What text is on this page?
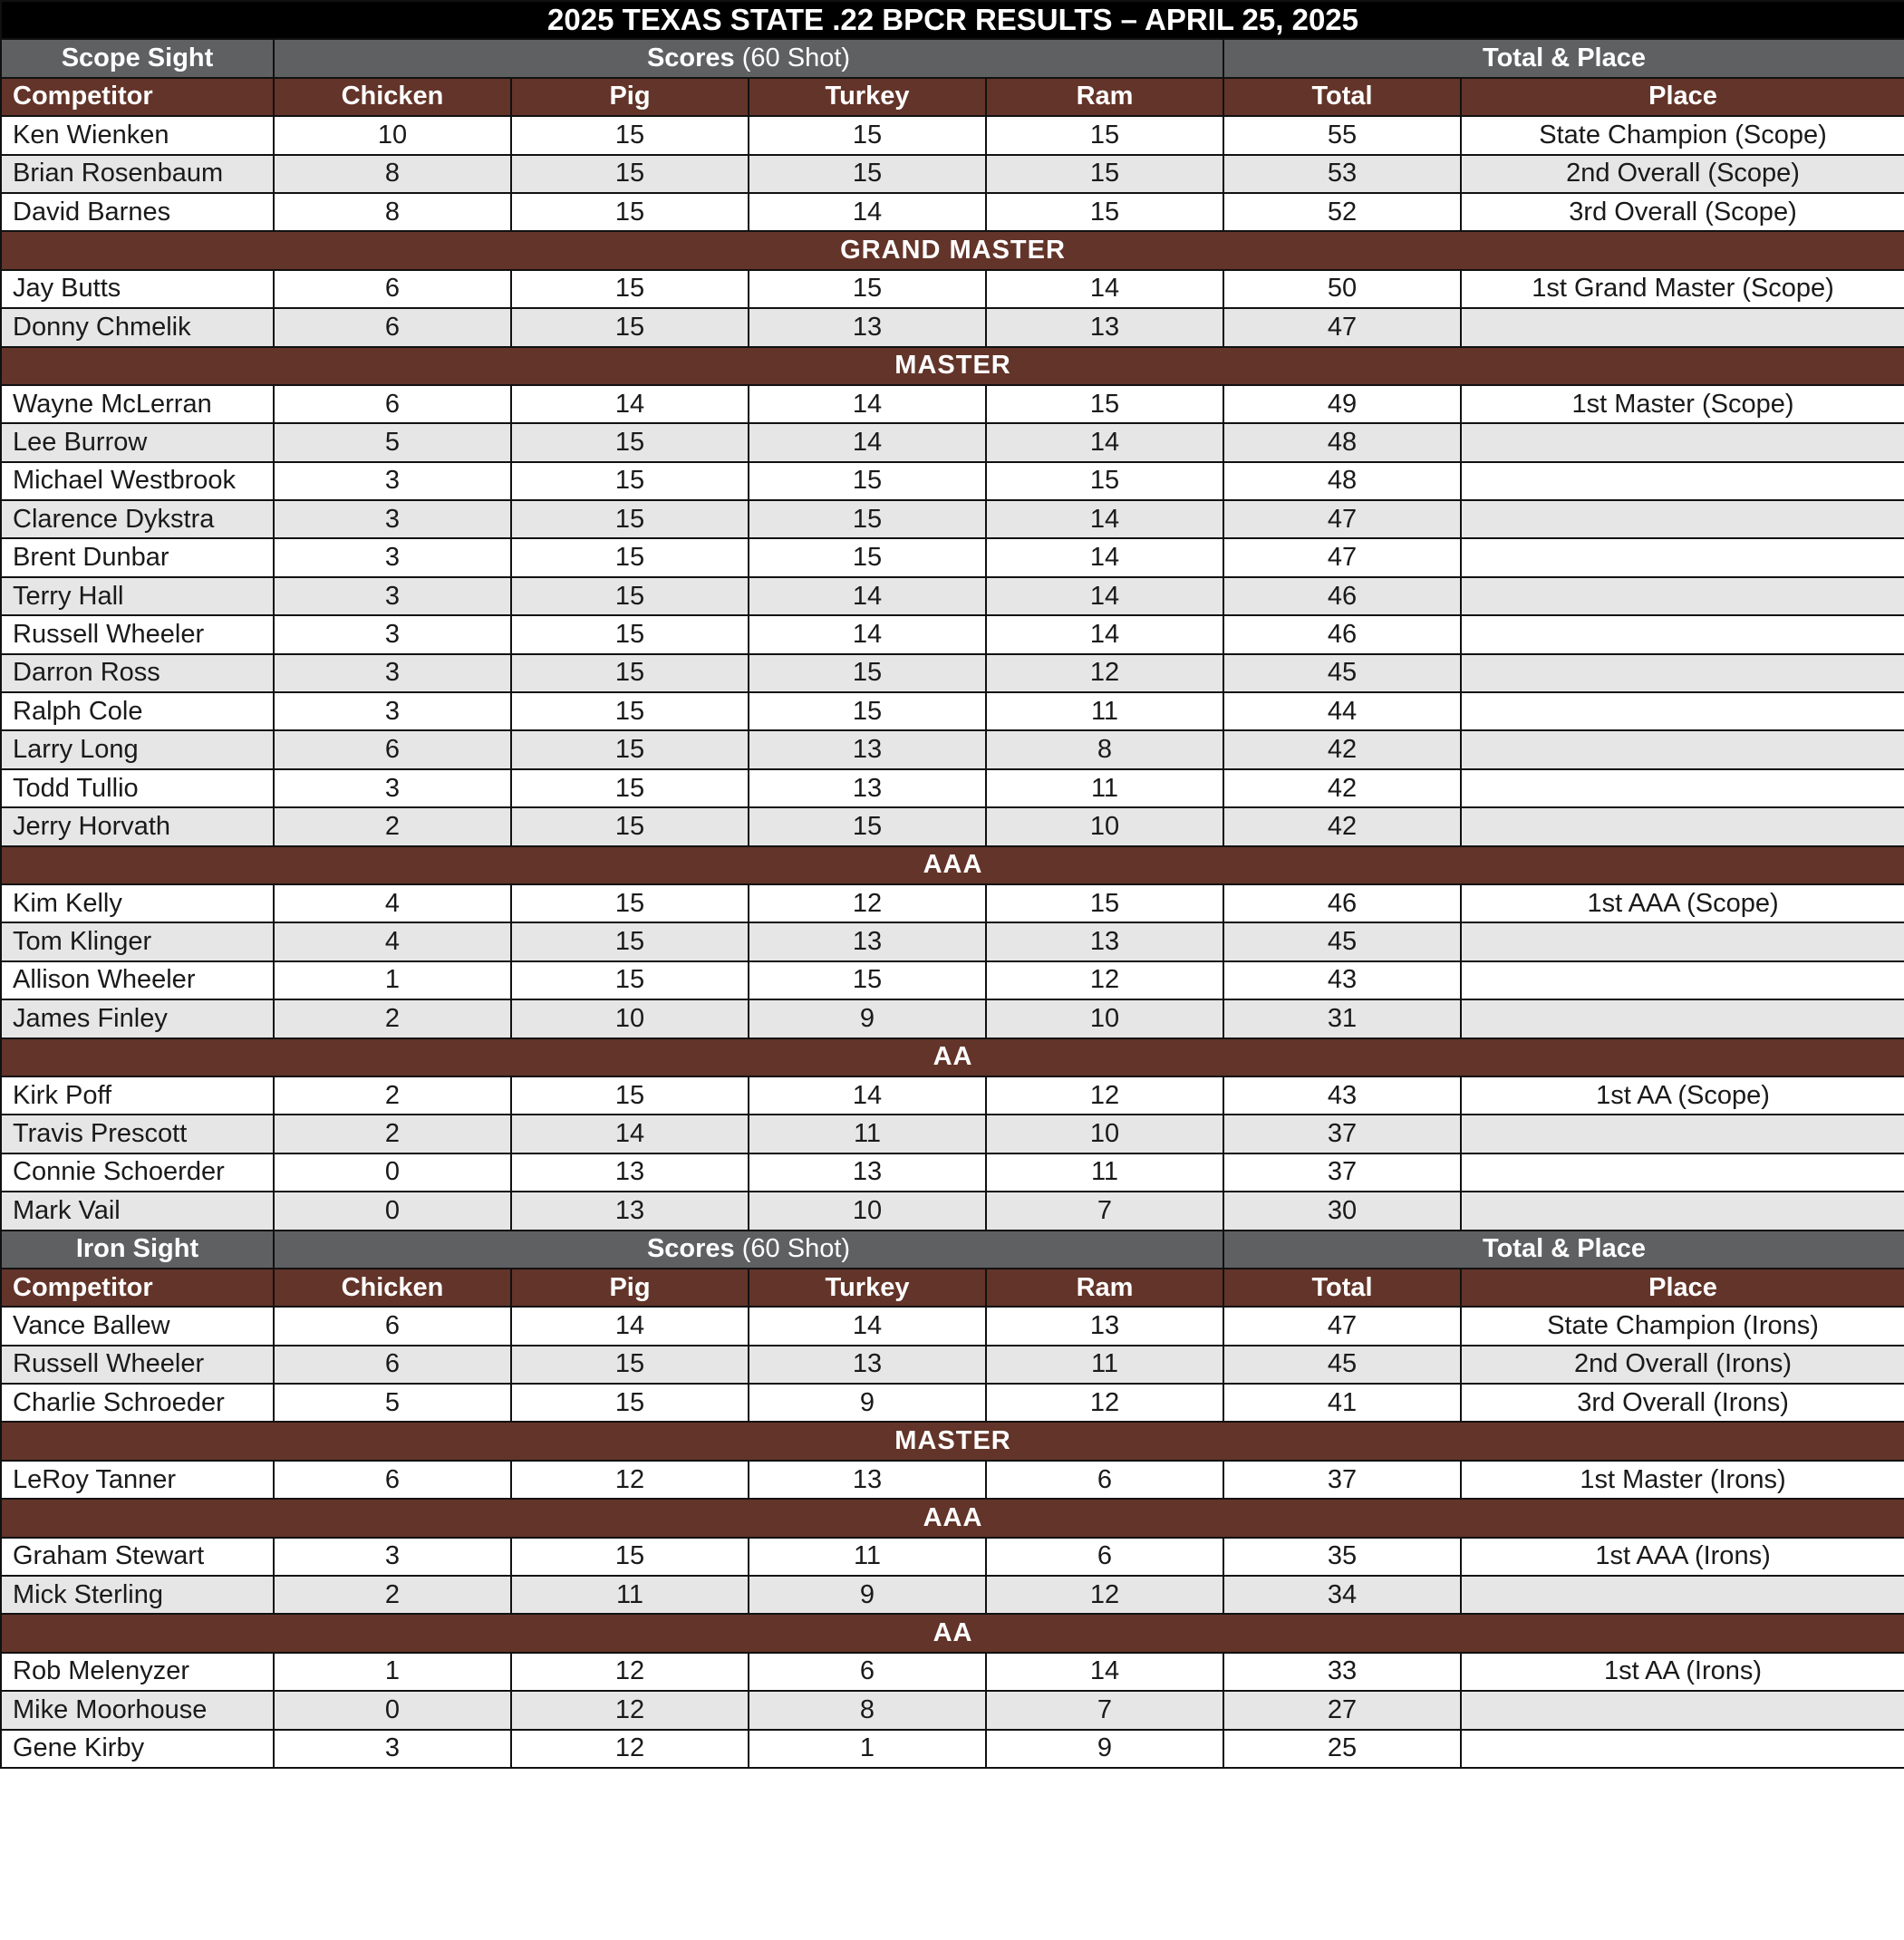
2025 TEXAS STATE .22 BPCR RESULTS – APRIL 25, 2025						
Scope Sight	Scores (60 Shot)				Total & Place	
Competitor	Chicken	Pig	Turkey	Ram	Total	Place
Ken Wienken	10	15	15	15	55	State Champion (Scope)
Brian Rosenbaum	8	15	15	15	53	2nd Overall (Scope)
David Barnes	8	15	14	15	52	3rd Overall (Scope)
GRAND MASTER						
Jay Butts	6	15	15	14	50	1st Grand Master (Scope)
Donny Chmelik	6	15	13	13	47	
MASTER						
Wayne McLerran	6	14	14	15	49	1st Master (Scope)
Lee Burrow	5	15	14	14	48	
Michael Westbrook	3	15	15	15	48	
Clarence Dykstra	3	15	15	14	47	
Brent Dunbar	3	15	15	14	47	
Terry Hall	3	15	14	14	46	
Russell Wheeler	3	15	14	14	46	
Darron Ross	3	15	15	12	45	
Ralph Cole	3	15	15	11	44	
Larry Long	6	15	13	8	42	
Todd Tullio	3	15	13	11	42	
Jerry Horvath	2	15	15	10	42	
AAA						
Kim Kelly	4	15	12	15	46	1st AAA (Scope)
Tom Klinger	4	15	13	13	45	
Allison Wheeler	1	15	15	12	43	
James Finley	2	10	9	10	31	
AA						
Kirk Poff	2	15	14	12	43	1st AA (Scope)
Travis Prescott	2	14	11	10	37	
Connie Schoerder	0	13	13	11	37	
Mark Vail	0	13	10	7	30	
Iron Sight	Scores (60 Shot)				Total & Place	
Competitor	Chicken	Pig	Turkey	Ram	Total	Place
Vance Ballew	6	14	14	13	47	State Champion (Irons)
Russell Wheeler	6	15	13	11	45	2nd Overall (Irons)
Charlie Schroeder	5	15	9	12	41	3rd Overall (Irons)
MASTER						
LeRoy Tanner	6	12	13	6	37	1st Master (Irons)
AAA						
Graham Stewart	3	15	11	6	35	1st AAA (Irons)
Mick Sterling	2	11	9	12	34	
AA						
Rob Melenyzer	1	12	6	14	33	1st AA (Irons)
Mike Moorhouse	0	12	8	7	27	
Gene Kirby	3	12	1	9	25	
